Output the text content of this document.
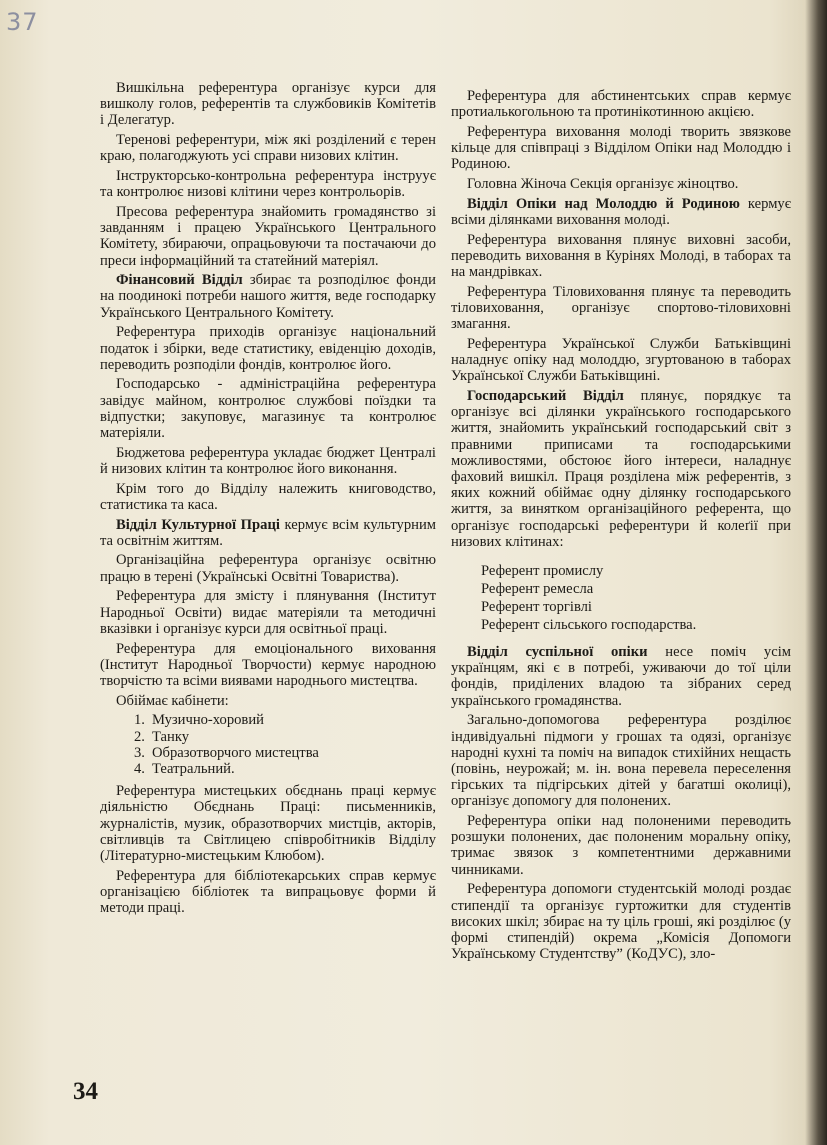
37

Вишкільна референтура організує курси для вишколу голов, референтів та службовиків Комітетів і Делегатур.

Теренові референтури, між які розділений є терен краю, полагоджують усі справи низових клітин.

Інструкторсько-контрольна референтура інструує та контролює низові клітини через контрольорів.

Пресова референтура знайомить громадянство зі завданням і працею Українського Центрального Комітету, збираючи, опрацьовуючи та постачаючи до преси інформаційний та статейний матеріял.

Фінансовий Відділ збирає та розподілює фонди на поодинокі потреби нашого життя, веде господарку Українського Центрального Комітету.

Референтура приходів організує національний податок і збірки, веде статистику, евіденцію доходів, переводить розподіли фондів, контролює його.

Господарсько - адміністраційна референтура завідує майном, контролює службові поїздки та відпустки; закуповує, магазинує та контролює матеріяли.

Бюджетова референтура укладає бюджет Централі й низових клітин та контролює його виконання.

Крім того до Відділу належить книговодство, статистика та каса.

Відділ Культурної Праці кермує всім культурним та освітнім життям.

Організаційна референтура організує освітню працю в терені (Українські Освітні Товариства).

Референтура для змісту і плянування (Інститут Народньої Освіти) видає матеріяли та методичні вказівки і організує курси для освітньої праці.

Референтура для емоціонального виховання (Інститут Народньої Творчости) кермує народною творчістю та всіми виявами народнього мистецтва.

Обіймає кабінети:

1. Музично-хоровий
2. Танку
3. Образотворчого мистецтва
4. Театральний.

Референтура мистецьких обєднань праці кермує діяльністю Обєднань Праці: письменників, журналістів, музик, образотворчих мистців, акторів, світливців та Світлицею співробітників Відділу (Літературно-мистецьким Клюбом).

Референтура для бібліотекарських справ кермує організацією бібліотек та випрацьовує форми й методи праці.

Референтура для абстинентських справ кермує протиалькогольною та протинікотинною акцією.

Референтура виховання молоді творить звязкове кільце для співпраці з Відділом Опіки над Молоддю і Родиною.

Головна Жіноча Секція організує жіноцтво.

Відділ Опіки над Молоддю й Родиною кермує всіми ділянками виховання молоді.

Референтура виховання плянує виховні засоби, переводить виховання в Курінях Молоді, в таборах та на мандрівках.

Референтура Тіловиховання плянує та переводить тіловиховання, організує спортово-тіловиховні змагання.

Референтура Української Служби Батьківщині наладнує опіку над молоддю, згуртованою в таборах Української Служби Батьківщині.

Господарський Відділ плянує, порядкує та організує всі ділянки українського господарського життя, знайомить український господарський світ з правними приписами та господарськими можливостями, обстоює його інтереси, наладнує фаховий вишкіл. Праця розділена між референтів, з яких кожний обіймає одну ділянку господарського життя, за винятком організаційного референта, що організує господарські референтури й колеґії при низових клітинах:

Референт промислу
Референт ремесла
Референт торгівлі
Референт сільського господарства.

Відділ суспільної опіки несе поміч усім українцям, які є в потребі, уживаючи до тої ціли фондів, приділених владою та зібраних серед українського громадянства.

Загально-допомогова референтура розділює індивідуальні підмоги у грошах та одязі, організує народні кухні та поміч на випадок стихійних нещасть (повінь, неурожай; м. ін. вона перевела переселення гірських та підгірських дітей у багатші околиці), організує допомогу для полонених.

Референтура опіки над полоненими переводить розшуки полонених, дає полоненим моральну опіку, тримає звязок з компетентними державними чинниками.

Референтура допомоги студентській молоді роздає стипендії та організує гуртожитки для студентів високих шкіл; збирає на ту ціль гроші, які розділює (у формі стипендій) окрема „Комісія Допомоги Українському Студентству” (КоДУС), зло-

34
